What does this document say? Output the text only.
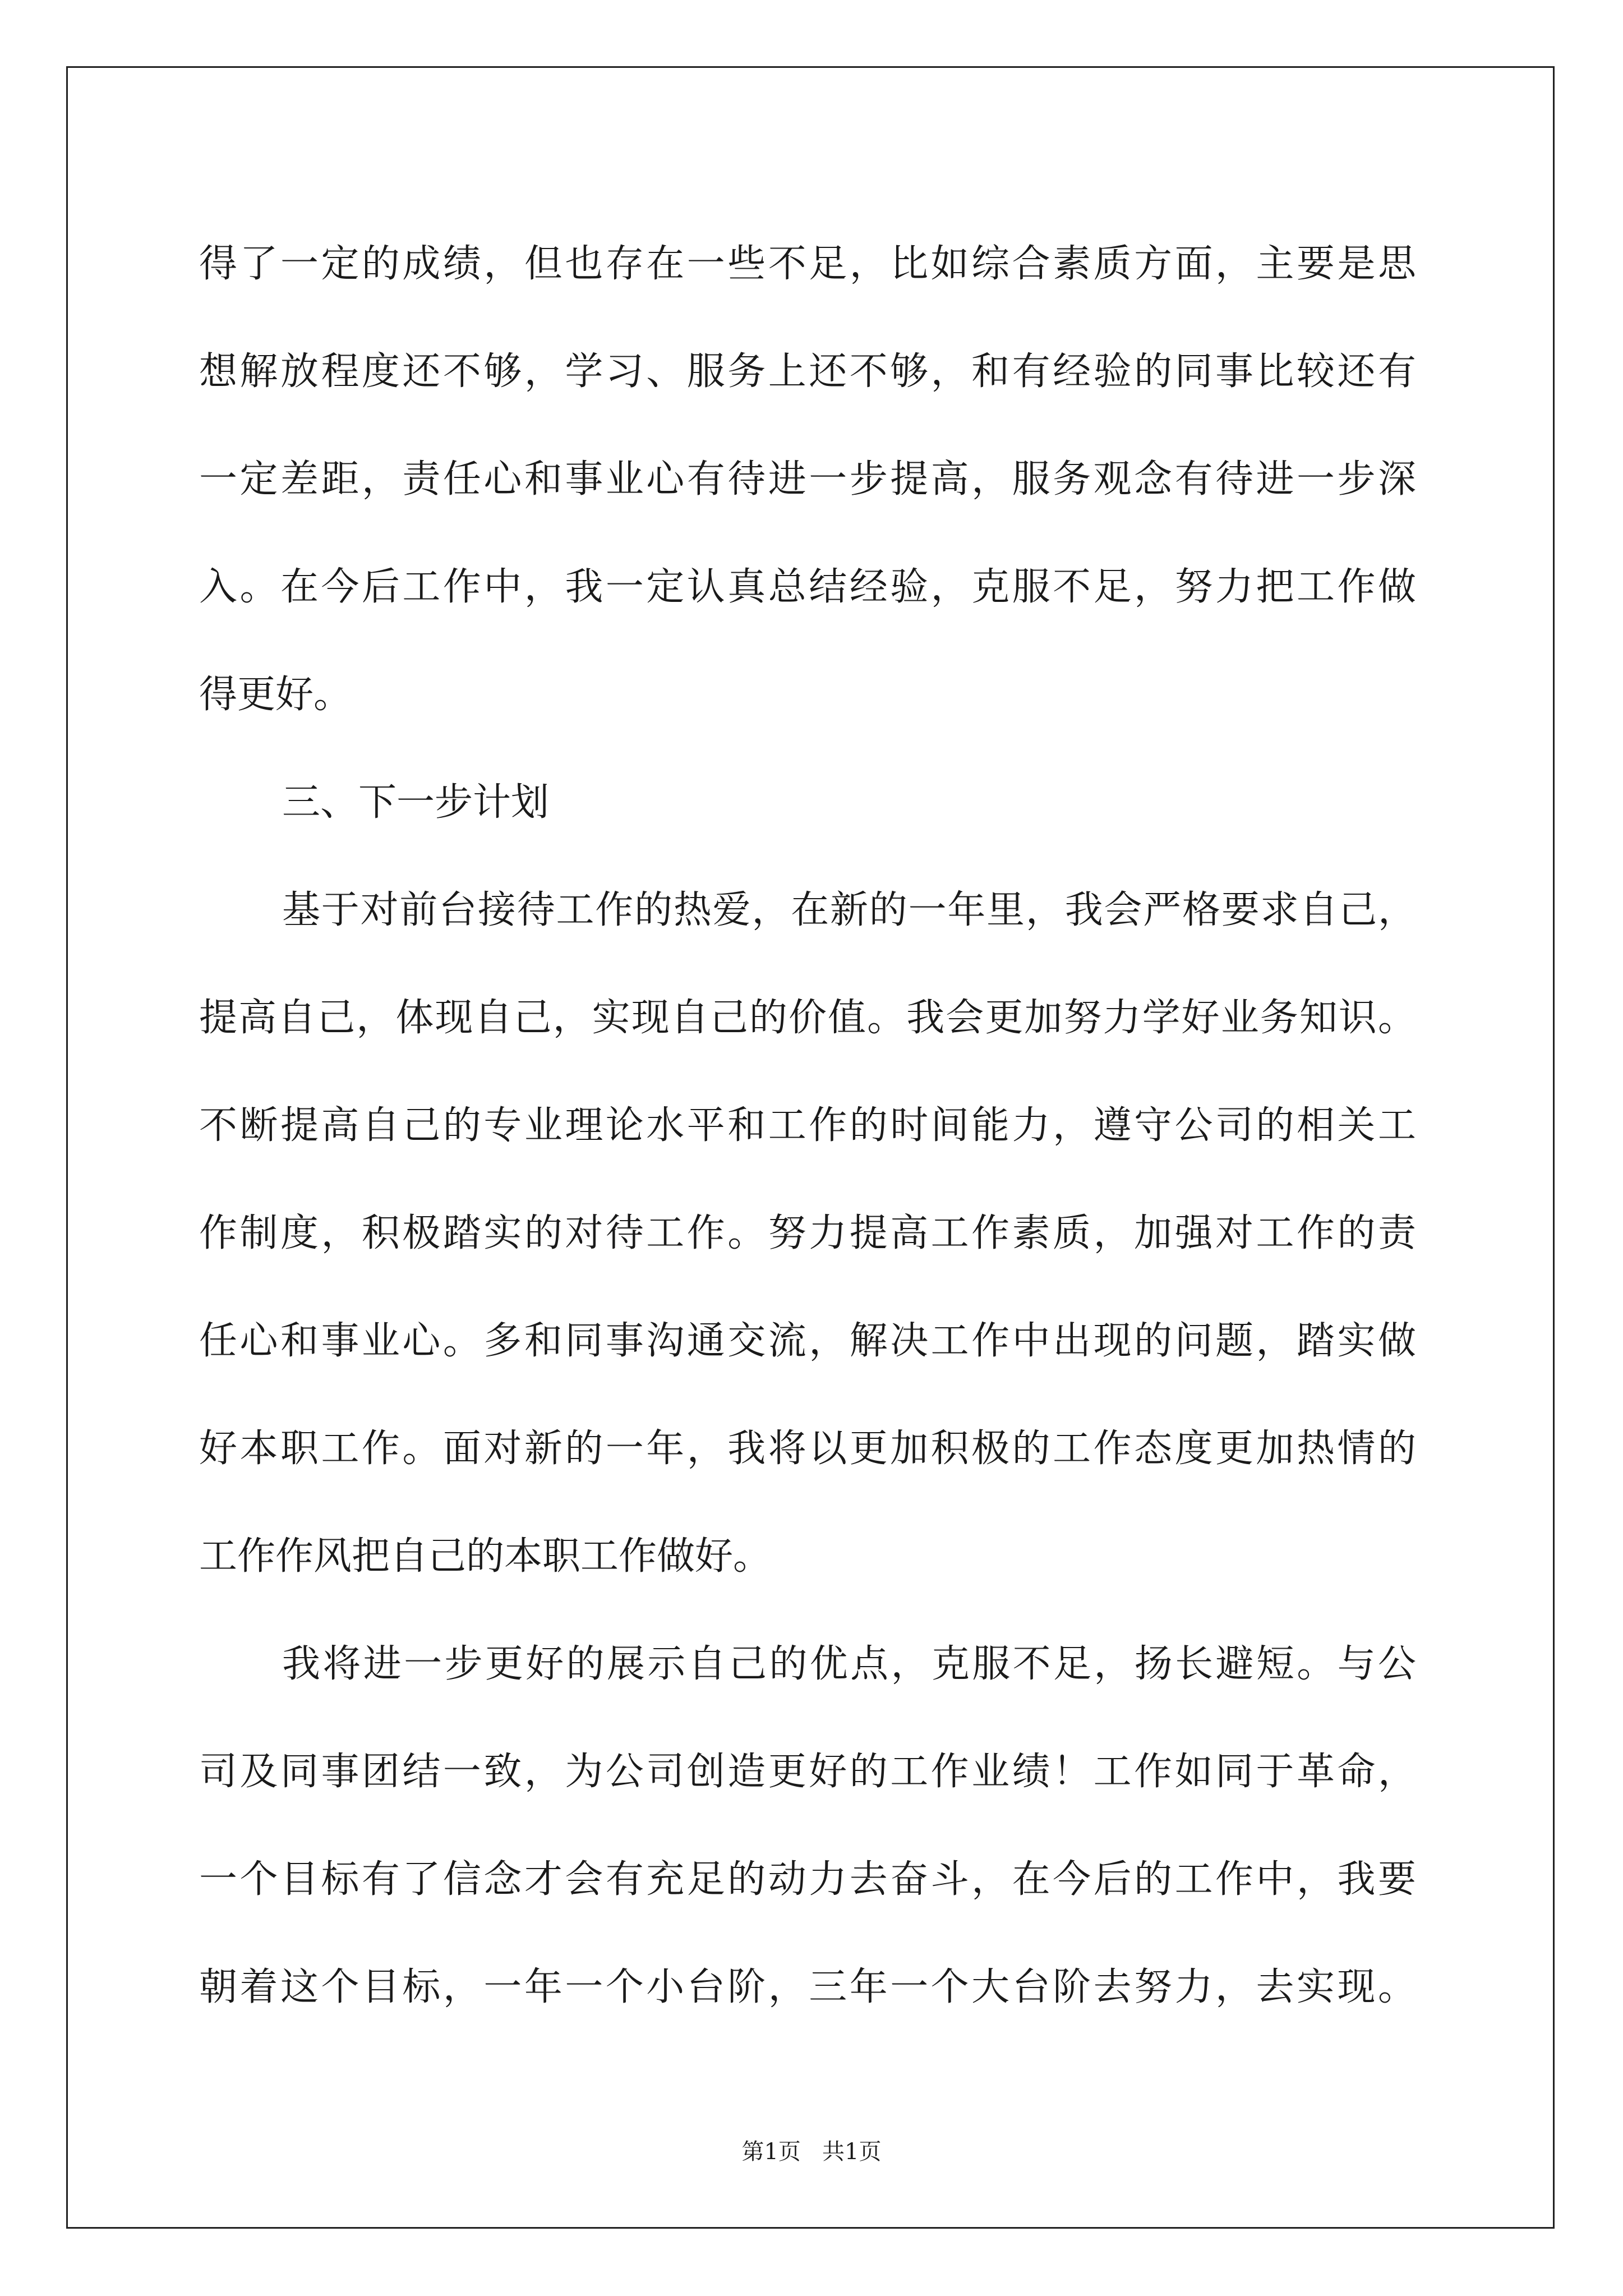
得了一定的成绩，但也存在一些不足，比如综合素质方面，主要是思
想解放程度还不够，学习、服务上还不够，和有经验的同事比较还有
一定差距，责任心和事业心有待进一步提高，服务观念有待进一步深
入。在今后工作中，我一定认真总结经验，克服不足，努力把工作做
得更好。
三、下一步计划
基于对前台接待工作的热爱，在新的一年里，我会严格要求自己，
提高自己，体现自己，实现自己的价值。我会更加努力学好业务知识。
不断提高自己的专业理论水平和工作的时间能力，遵守公司的相关工
作制度，积极踏实的对待工作。努力提高工作素质，加强对工作的责
任心和事业心。多和同事沟通交流，解决工作中出现的问题，踏实做
好本职工作。面对新的一年，我将以更加积极的工作态度更加热情的
工作作风把自己的本职工作做好。
我将进一步更好的展示自己的优点，克服不足，扬长避短。与公
司及同事团结一致，为公司创造更好的工作业绩！工作如同于革命，
一个目标有了信念才会有充足的动力去奋斗，在今后的工作中，我要
朝着这个目标，一年一个小台阶，三年一个大台阶去努力，去实现。
第1页   共1页
